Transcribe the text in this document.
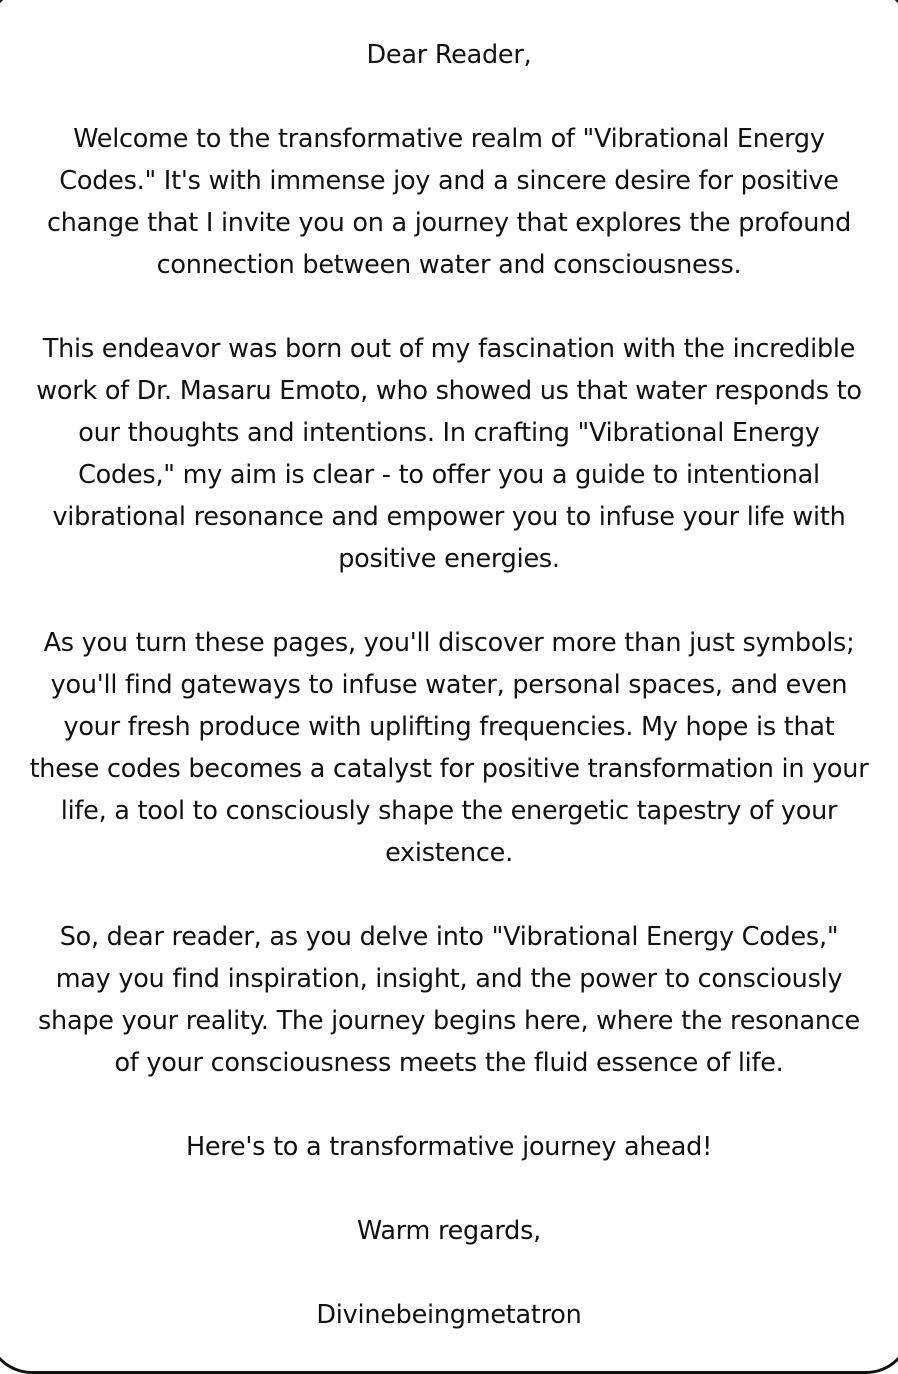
Dear Reader,

Welcome to the transformative realm of "Vibrational Energy
Codes." It's with immense joy and a sincere desire for positive
change that I invite you on a journey that explores the profound
connection between water and consciousness.

This endeavor was born out of my fascination with the incredible
work of Dr. Masaru Emoto, who showed us that water responds to
our thoughts and intentions. In crafting "Vibrational Energy
Codes," my aim is clear - to offer you a guide to intentional
vibrational resonance and empower you to infuse your life with
positive energies.

As you turn these pages, you'll discover more than just symbols;
you'll find gateways to infuse water, personal spaces, and even
your fresh produce with uplifting frequencies. My hope is that
these codes becomes a catalyst for positive transformation in your
life, a tool to consciously shape the energetic tapestry of your
existence.

So, dear reader, as you delve into "Vibrational Energy Codes,"
may you find inspiration, insight, and the power to consciously
shape your reality. The journey begins here, where the resonance
of your consciousness meets the fluid essence of life.

Here's to a transformative journey ahead!

Warm regards,

Divinebeingmetatron
